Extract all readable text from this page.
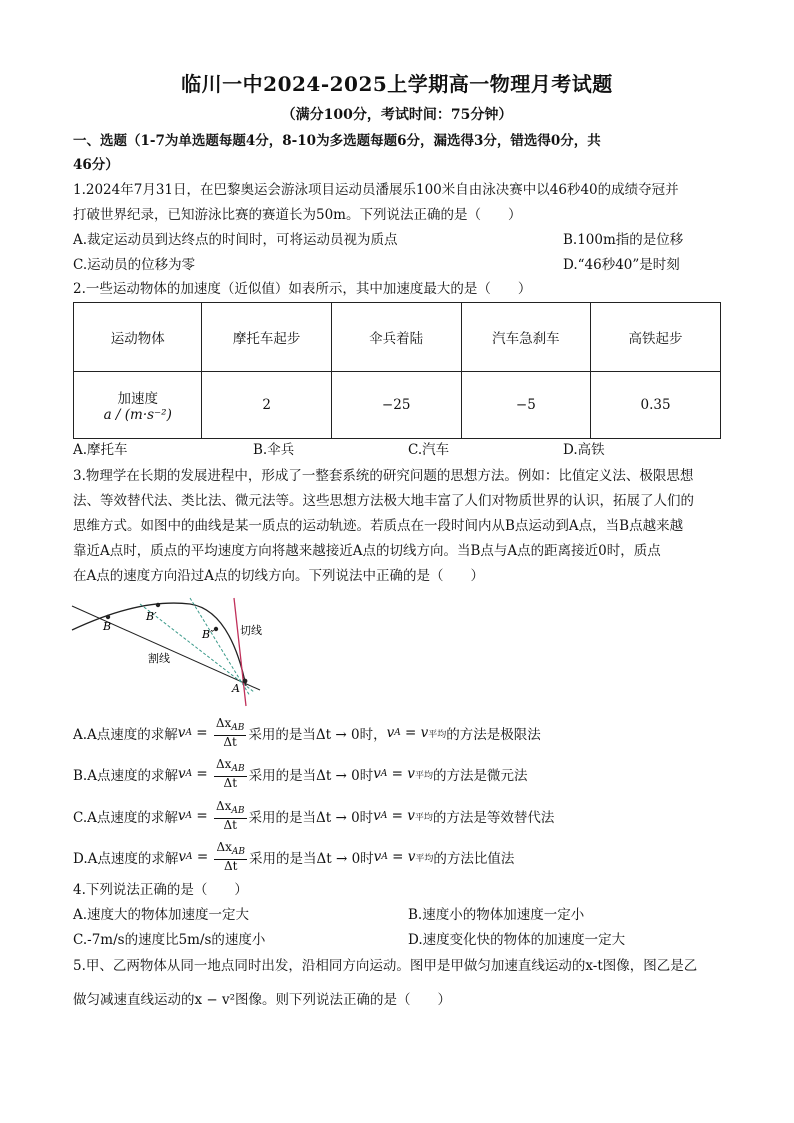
临川一中2024-2025上学期高一物理月考试题
（满分100分，考试时间：75分钟）
一、选题（1-7为单选题每题4分，8-10为多选题每题6分，漏选得3分，错选得0分，共
46分）
1.2024年7月31日，在巴黎奥运会游泳项目运动员潘展乐100米自由泳决赛中以46秒40的成绩夺冠并
打破世界纪录，已知游泳比赛的赛道长为50m。下列说法正确的是（　　）
A.裁定运动员到达终点的时间时，可将运动员视为质点	B.100m指的是位移
C.运动员的位移为零	D.“46秒40”是时刻
2.一些运动物体的加速度（近似值）如表所示，其中加速度最大的是（　　）
运动物体	摩托车起步	伞兵着陆	汽车急刹车	高铁起步

加速度
a / (m·s⁻²)	2	−25	−5	0.35
A.摩托车	B.伞兵	C.汽车	D.高铁
3.物理学在长期的发展进程中，形成了一整套系统的研究问题的思想方法。例如：比值定义法、极限思想
法、等效替代法、类比法、微元法等。这些思想方法极大地丰富了人们对物质世界的认识，拓展了人们的
思维方式。如图中的曲线是某一质点的运动轨迹。若质点在一段时间内从B点运动到A点，当B点越来越
靠近A点时，质点的平均速度方向将越来越接近A点的切线方向。当B点与A点的距离接近0时，质点
在A点的速度方向沿过A点的切线方向。下列说法中正确的是（　　）
B
B′
B″
A
切线
割线
A.A点速度的求解 v $A = \frac{\Delta x_{AB}}{\Delta t}$ 采用的是当Δt → 0时， v A = v 平均 的方法是极限法
B.A点速度的求解 v $A = \frac{\Delta x_{AB}}{\Delta t}$ 采用的是当Δt → 0时 v A = v 平均 的方法是微元法
C.A点速度的求解 v $A = \frac{\Delta x_{AB}}{\Delta t}$ 采用的是当Δt → 0时 v A = v 平均 的方法是等效替代法
D.A点速度的求解 v $A = \frac{\Delta x_{AB}}{\Delta t}$ 采用的是当Δt → 0时 v A = v 平均 的方法比值法
4.下列说法正确的是（　　）
A.速度大的物体加速度一定大	B.速度小的物体加速度一定小
C.-7m/s的速度比5m/s的速度小	D.速度变化快的物体的加速度一定大
5.甲、乙两物体从同一地点同时出发，沿相同方向运动。图甲是甲做匀加速直线运动的x-t图像，图乙是乙
做匀减速直线运动的x − v²图像。则下列说法正确的是（　　）
